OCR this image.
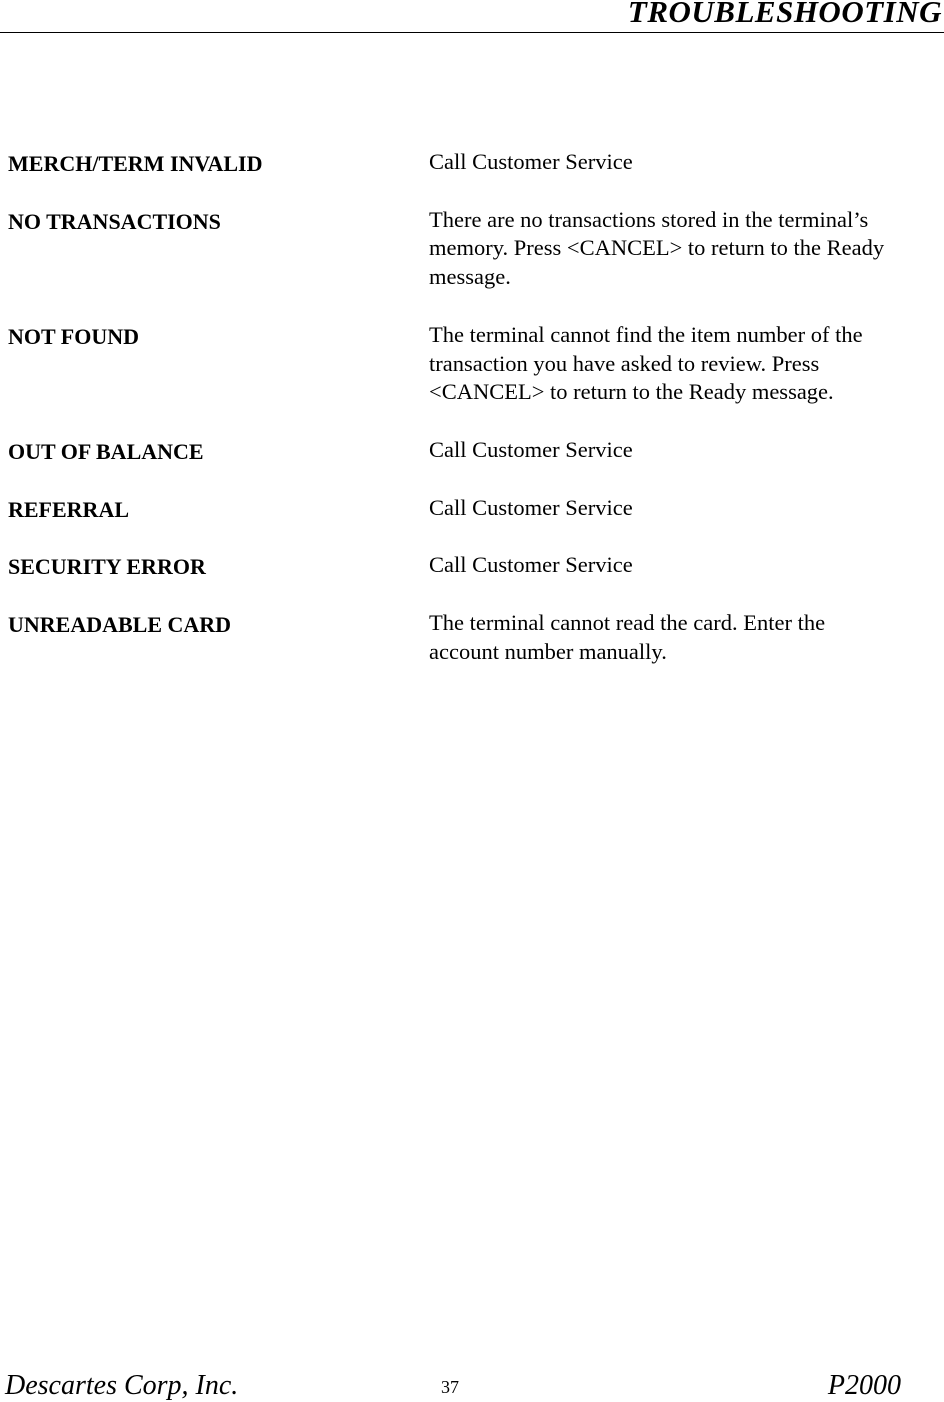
TROUBLESHOOTING
MERCH/TERM INVALID	Call Customer Service
NO TRANSACTIONS	There are no transactions stored in the terminal’s
memory. Press <CANCEL> to return to the Ready
message.
NOT FOUND	The terminal cannot find the item number of the
transaction you have asked to review. Press
<CANCEL> to return to the Ready message.
OUT OF BALANCE	Call Customer Service
REFERRAL	Call Customer Service
SECURITY ERROR	Call Customer Service
UNREADABLE CARD	The terminal cannot read the card. Enter the
account number manually.
Descartes Corp, Inc.	37	P2000
